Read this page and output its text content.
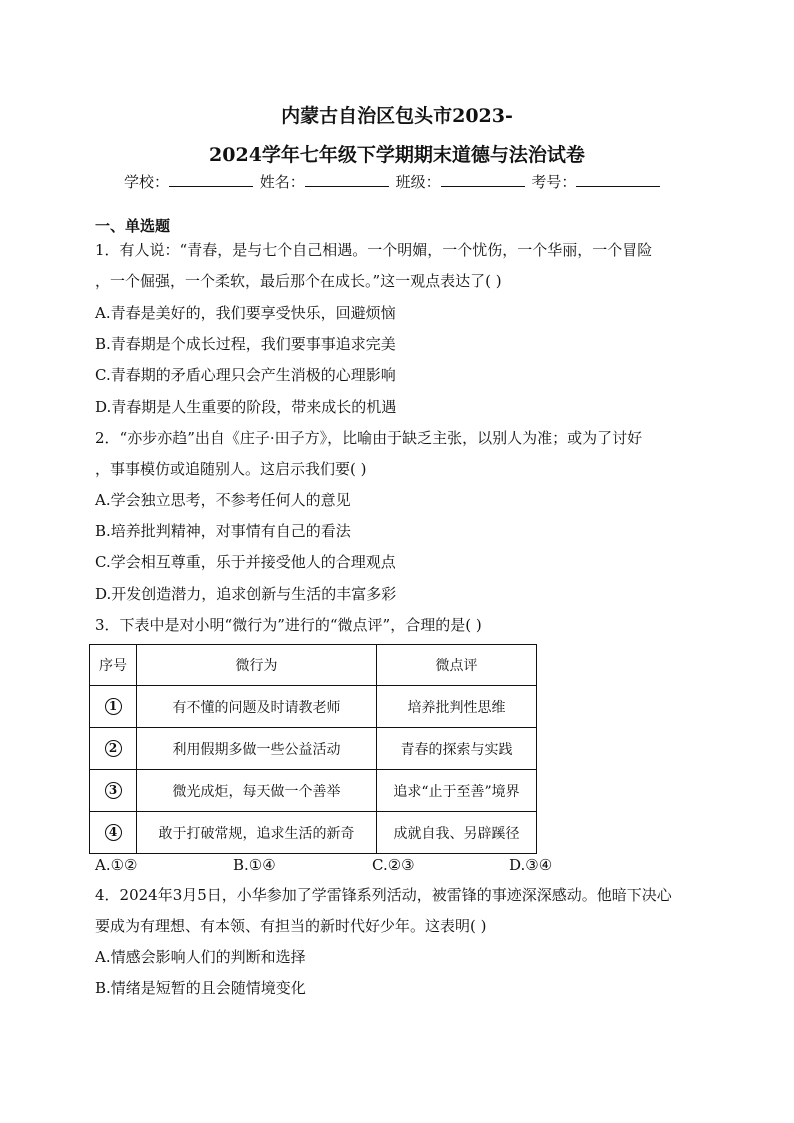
内蒙古自治区包头市2023-
2024学年七年级下学期期末道德与法治试卷
学校：	姓名：	班级：	考号：
一、单选题
1．有人说：“青春，是与七个自己相遇。一个明媚，一个忧伤，一个华丽，一个冒险
，一个倔强，一个柔软，最后那个在成长。”这一观点表达了( )
A.青春是美好的，我们要享受快乐，回避烦恼
B.青春期是个成长过程，我们要事事追求完美
C.青春期的矛盾心理只会产生消极的心理影响
D.青春期是人生重要的阶段，带来成长的机遇
2．“亦步亦趋”出自《庄子·田子方》，比喻由于缺乏主张，以别人为准；或为了讨好
，事事模仿或追随别人。这启示我们要( )
A.学会独立思考，不参考任何人的意见
B.培养批判精神，对事情有自己的看法
C.学会相互尊重，乐于并接受他人的合理观点
D.开发创造潜力，追求创新与生活的丰富多彩
3．下表中是对小明“微行为”进行的“微点评”，合理的是( )
序号	微行为	微点评
1	有不懂的问题及时请教老师	培养批判性思维
2	利用假期多做一些公益活动	青春的探索与实践
3	微光成炬，每天做一个善举	追求“止于至善”境界
4	敢于打破常规，追求生活的新奇	成就自我、另辟蹊径
A.①②	B.①④	C.②③	D.③④
4．2024年3月5日，小华参加了学雷锋系列活动，被雷锋的事迹深深感动。他暗下决心
要成为有理想、有本领、有担当的新时代好少年。这表明( )
A.情感会影响人们的判断和选择
B.情绪是短暂的且会随情境变化
